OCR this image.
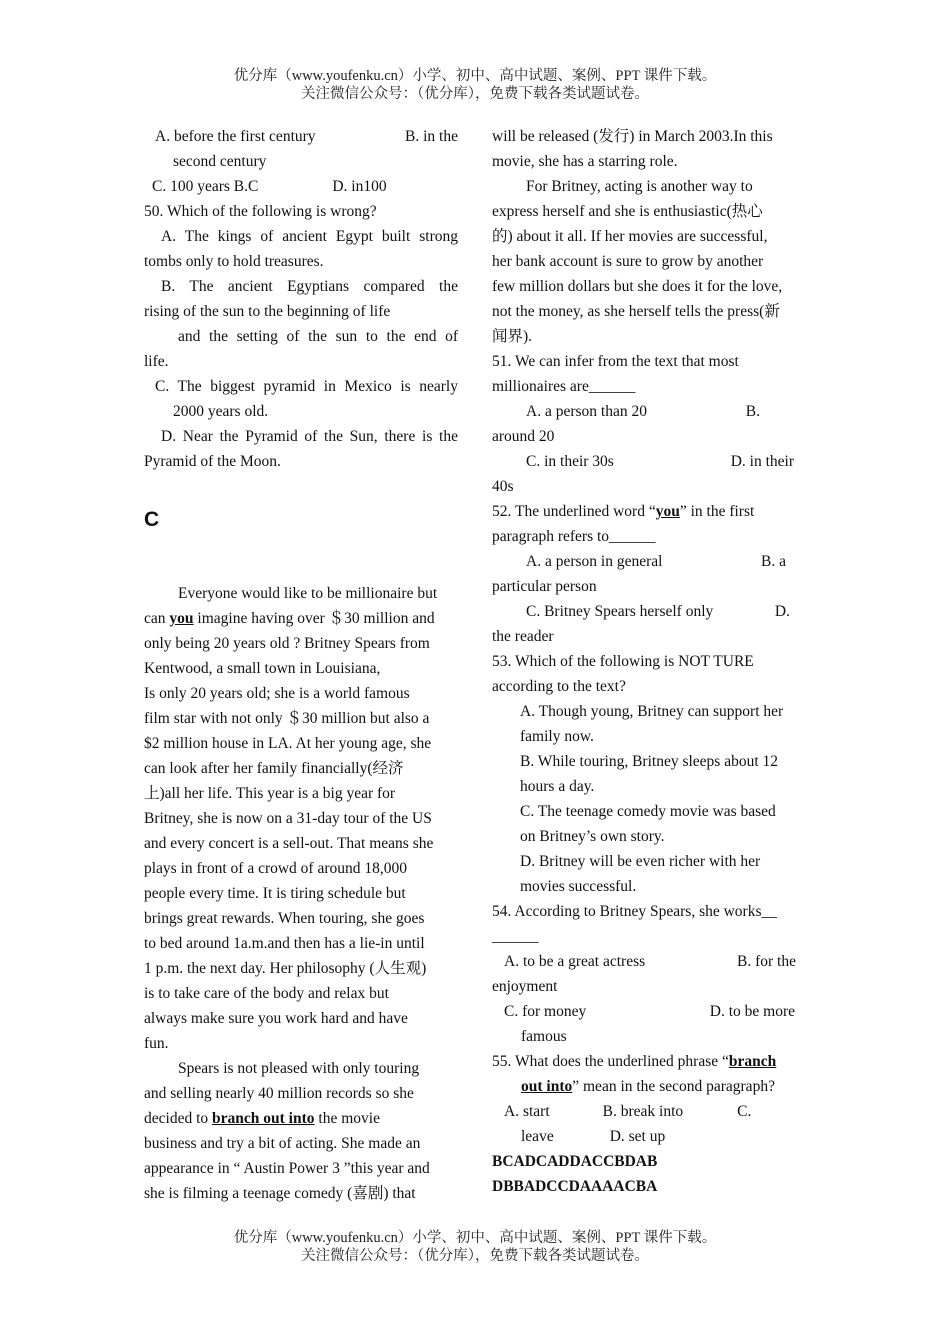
优分库（www.youfenku.cn）小学、初中、高中试题、案例、PPT 课件下载。
关注微信公众号：（优分库），免费下载各类试题试卷。
A. before the first century	B. in the
second century
C. 100 years B.C	D. in100
50. Which of the following is wrong?
A. The kings of ancient Egypt built strong
tombs only to hold treasures.
B. The ancient Egyptians compared the
rising of the sun to the beginning of life
and the setting of the sun to the end of
life.
C. The biggest pyramid in Mexico is nearly
2000 years old.
D. Near the Pyramid of the Sun, there is the
Pyramid of the Moon.
C
Everyone would like to be millionaire but
can you imagine having over ＄30 million and
only being 20 years old ? Britney Spears from
Kentwood, a small town in Louisiana,
Is only 20 years old; she is a world famous
film star with not only ＄30 million but also a
$2 million house in LA. At her young age, she
can look after her family financially(经济
上)all her life. This year is a big year for
Britney, she is now on a 31-day tour of the US
and every concert is a sell-out. That means she
plays in front of a crowd of around 18,000
people every time. It is tiring schedule but
brings great rewards. When touring, she goes
to bed around 1a.m.and then has a lie-in until
1 p.m. the next day. Her philosophy (人生观)
is to take care of the body and relax but
always make sure you work hard and have
fun.
Spears is not pleased with only touring
and selling nearly 40 million records so she
decided to branch out into the movie
business and try a bit of acting. She made an
appearance in “ Austin Power 3 ”this year and
she is filming a teenage comedy (喜剧) that
will be released (发行) in March 2003.In this
movie, she has a starring role.
For Britney, acting is another way to
express herself and she is enthusiastic(热心
的) about it all. If her movies are successful,
her bank account is sure to grow by another
few million dollars but she does it for the love,
not the money, as she herself tells the press(新
闻界).
51. We can infer from the text that most
millionaires are______
A. a person than 20	B.
around 20
C. in their 30s	D. in their
40s
52. The underlined word “you” in the first
paragraph refers to______
A. a person in general	B. a
particular person
C. Britney Spears herself only	D.
the reader
53. Which of the following is NOT TURE
according to the text?
A. Though young, Britney can support her
family now.
B. While touring, Britney sleeps about 12
hours a day.
C. The teenage comedy movie was based
on Britney’s own story.
D. Britney will be even richer with her
movies successful.
54. According to Britney Spears, she works__
______
A. to be a great actress	B. for the
enjoyment
C. for money	D. to be more
famous
55. What does the underlined phrase “branch
out into” mean in the second paragraph?
A. start	B. break into	C.
leave	D. set up
BCADCADDACCBDAB
DBBADCCDAAAACBA
优分库（www.youfenku.cn）小学、初中、高中试题、案例、PPT 课件下载。
关注微信公众号：（优分库），免费下载各类试题试卷。
